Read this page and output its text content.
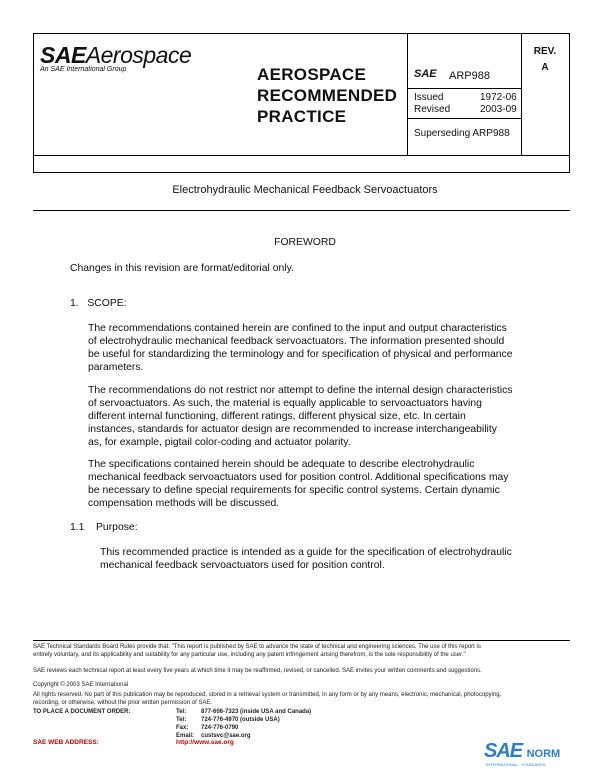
SAEAerospace
An SAE International Group	AEROSPACE
RECOMMENDED
PRACTICE
SAE ARP988
Issued	1972-06
Revised	2003-09
Superseding ARP988
REV.
A
Electrohydraulic Mechanical Feedback Servoactuators
FOREWORD
Changes in this revision are format/editorial only.
1.   SCOPE:
The recommendations contained herein are confined to the input and output characteristics
of electrohydraulic mechanical feedback servoactuators. The information presented should
be useful for standardizing the terminology and for specification of physical and performance
parameters.
The recommendations do not restrict nor attempt to define the internal design characteristics
of servoactuators. As such, the material is equally applicable to servoactuators having
different internal functioning, different ratings, different physical size, etc. In certain
instances, standards for actuator design are recommended to increase interchangeability
as, for example, pigtail color-coding and actuator polarity.
The specifications contained herein should be adequate to describe electrohydraulic
mechanical feedback servoactuators used for position control. Additional specifications may
be necessary to define special requirements for specific control systems. Certain dynamic
compensation methods will be discussed.
1.1    Purpose:
This recommended practice is intended as a guide for the specification of electrohydraulic
mechanical feedback servoactuators used for position control.
SAE Technical Standards Board Rules provide that: "This report is published by SAE to advance the state of technical and engineering sciences. The use of this report is
entirely voluntary, and its applicability and suitability for any particular use, including any patent infringement arising therefrom, is the sole responsibility of the user."
SAE reviews each technical report at least every five years at which time it may be reaffirmed, revised, or cancelled. SAE invites your written comments and suggestions.
Copyright © 2003 SAE International
All rights reserved. No part of this publication may be reproduced, stored in a retrieval system or transmitted, in any form or by any means, electronic, mechanical, photocopying,
recording, or otherwise, without the prior written permission of SAE.
TO PLACE A DOCUMENT ORDER:	Tel: 877-606-7323 (inside USA and Canada)
Tel: 724-776-4970 (outside USA)
Fax: 724-776-0790
Email: custsvc@sae.org
SAE WEB ADDRESS:	http://www.sae.org	SAE NORM
INTERNATIONAL · STANDARDS
